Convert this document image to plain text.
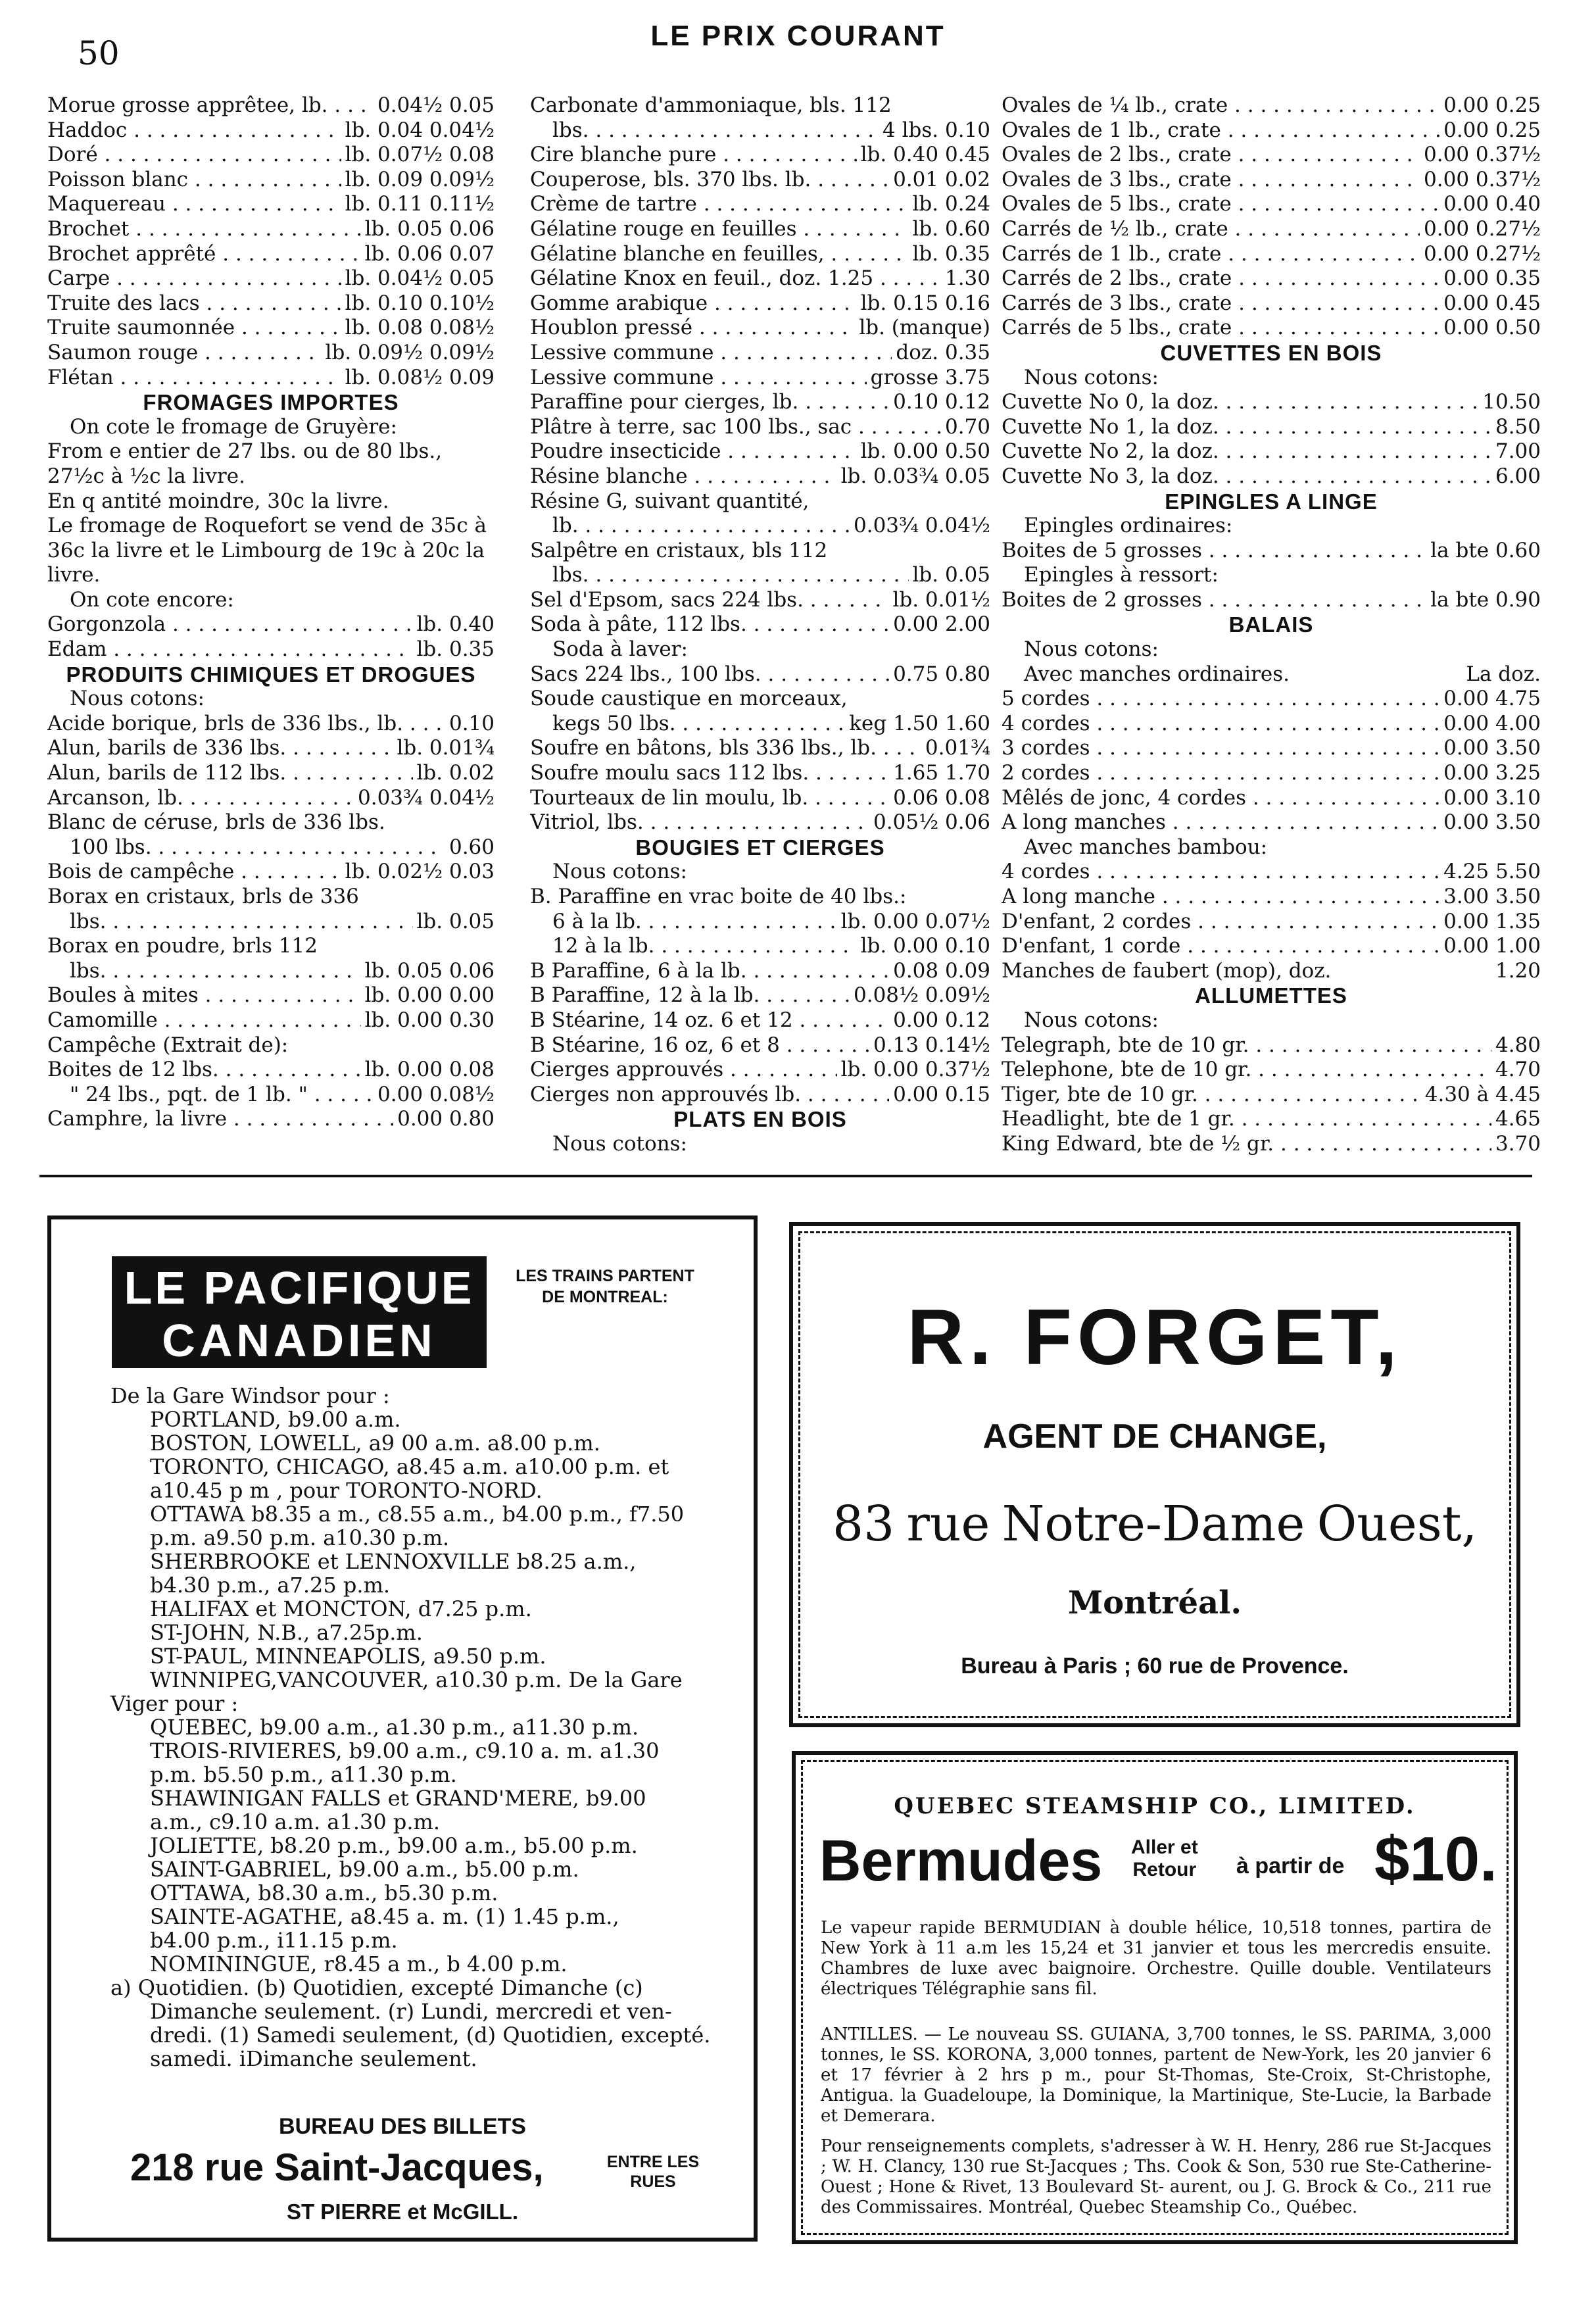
50	LE PRIX COURANT
Morue grosse apprêtee, lb. . . .	0.04½ 0.05
Haddoc . . .	lb. 0.04 0.04½
Doré . . .	lb. 0.07½ 0.08
Poisson blanc . . .	lb. 0.09 0.09½
Maquereau . . .	lb. 0.11 0.11½
Brochet . . .	lb. 0.05 0.06
Brochet apprêté . . .	lb. 0.06 0.07
Carpe . . .	lb. 0.04½ 0.05
Truite des lacs . . .	lb. 0.10 0.10½
Truite saumonnée . . .	lb. 0.08 0.08½
Saumon rouge . . .	lb. 0.09½ 0.09½
Flétan . . .	lb. 0.08½ 0.09
FROMAGES IMPORTES
On cote le fromage de Gruyère:
From e entier de 27 lbs. ou de 80 lbs., 27½c à ½c la livre.
En q antité moindre, 30c la livre.
Le fromage de Roquefort se vend de 35c à 36c la livre et le Limbourg de 19c à 20c la livre.
On cote encore:
Gorgonzola . . .	lb. 0.40
Edam . . .	lb. 0.35
PRODUITS CHIMIQUES ET DROGUES
Nous cotons:
Acide borique, brls de 336 lbs., lb. . . .	0.10
Alun, barils de 336 lbs. . . .	lb. 0.01¾
Alun, barils de 112 lbs. . . .	lb. 0.02
Arcanson, lb. . . .	0.03¾ 0.04½
Blanc de céruse, brls de 336 lbs.
100 lbs. . . .	0.60
Bois de campêche . . .	lb. 0.02½ 0.03
Borax en cristaux, brls de 336
lbs. . . .	lb. 0.05
Borax en poudre, brls 112
lbs. . . .	lb. 0.05 0.06
Boules à mites . . .	lb. 0.00 0.00
Camomille . . .	lb. 0.00 0.30
Campêche (Extrait de):
Boites de 12 lbs. . . .	lb. 0.00 0.08
" 24 lbs., pqt. de 1 lb. " . . .	0.00 0.08½
Camphre, la livre . . .	0.00 0.80
Carbonate d'ammoniaque, bls. 112
lbs. . . .	4 lbs. 0.10
Cire blanche pure . . .	lb. 0.40 0.45
Couperose, bls. 370 lbs. lb. . . .	0.01 0.02
Crème de tartre . . .	lb. 0.24
Gélatine rouge en feuilles . . .	lb. 0.60
Gélatine blanche en feuilles, . . .	lb. 0.35
Gélatine Knox en feuil., doz. 1.25 . . .	1.30
Gomme arabique . . .	lb. 0.15 0.16
Houblon pressé . . .	lb. (manque)
Lessive commune . . .	doz. 0.35
Lessive commune . . .	grosse 3.75
Paraffine pour cierges, lb. . . .	0.10 0.12
Plâtre à terre, sac 100 lbs., sac . . .	0.70
Poudre insecticide . . .	lb. 0.00 0.50
Résine blanche . . .	lb. 0.03¾ 0.05
Résine G, suivant quantité,
lb. . . .	0.03¾ 0.04½
Salpêtre en cristaux, bls 112
lbs. . . .	lb. 0.05
Sel d'Epsom, sacs 224 lbs. . . .	lb. 0.01½
Soda à pâte, 112 lbs. . . .	0.00 2.00
Soda à laver:
Sacs 224 lbs., 100 lbs. . . .	0.75 0.80
Soude caustique en morceaux,
kegs 50 lbs. . . .	keg 1.50 1.60
Soufre en bâtons, bls 336 lbs., lb. . . .	0.01¾
Soufre moulu sacs 112 lbs. . . .	1.65 1.70
Tourteaux de lin moulu, lb. . . .	0.06 0.08
Vitriol, lbs. . . .	0.05½ 0.06
BOUGIES ET CIERGES
Nous cotons:
B. Paraffine en vrac boite de 40 lbs.:
6 à la lb. . . .	lb. 0.00 0.07½
12 à la lb. . . .	lb. 0.00 0.10
B Paraffine, 6 à la lb. . . .	0.08 0.09
B Paraffine, 12 à la lb. . . .	0.08½ 0.09½
B Stéarine, 14 oz. 6 et 12 . . .	0.00 0.12
B Stéarine, 16 oz, 6 et 8 . . .	0.13 0.14½
Cierges approuvés . . .	lb. 0.00 0.37½
Cierges non approuvés lb. . . .	0.00 0.15
PLATS EN BOIS
Nous cotons:
Ovales de ¼ lb., crate . . .	0.00 0.25
Ovales de 1 lb., crate . . .	0.00 0.25
Ovales de 2 lbs., crate . . .	0.00 0.37½
Ovales de 3 lbs., crate . . .	0.00 0.37½
Ovales de 5 lbs., crate . . .	0.00 0.40
Carrés de ½ lb., crate . . .	0.00 0.27½
Carrés de 1 lb., crate . . .	0.00 0.27½
Carrés de 2 lbs., crate . . .	0.00 0.35
Carrés de 3 lbs., crate . . .	0.00 0.45
Carrés de 5 lbs., crate . . .	0.00 0.50
CUVETTES EN BOIS
Nous cotons:
Cuvette No 0, la doz. . . .	10.50
Cuvette No 1, la doz. . . .	8.50
Cuvette No 2, la doz. . . .	7.00
Cuvette No 3, la doz. . . .	6.00
EPINGLES A LINGE
Epingles ordinaires:
Boites de 5 grosses . . .	la bte 0.60
Epingles à ressort:
Boites de 2 grosses . . .	la bte 0.90
BALAIS
Nous cotons:
Avec manches ordinaires.	La doz.
5 cordes . . .	0.00 4.75
4 cordes . . .	0.00 4.00
3 cordes . . .	0.00 3.50
2 cordes . . .	0.00 3.25
Mêlés de jonc, 4 cordes . . .	0.00 3.10
A long manches . . .	0.00 3.50
Avec manches bambou:
4 cordes . . .	4.25 5.50
A long manche . . .	3.00 3.50
D'enfant, 2 cordes . . .	0.00 1.35
D'enfant, 1 corde . . .	0.00 1.00
Manches de faubert (mop), doz.	1.20
ALLUMETTES
Nous cotons:
Telegraph, bte de 10 gr. . . .	4.80
Telephone, bte de 10 gr. . . .	4.70
Tiger, bte de 10 gr. . . .	4.30 à 4.45
Headlight, bte de 1 gr. . . .	4.65
King Edward, bte de ½ gr. . . .	3.70
LE PACIFIQUE
CANADIEN
LES TRAINS PARTENT DE MONTREAL:
De la Gare Windsor pour :
PORTLAND, b9.00 a.m.
BOSTON, LOWELL, a9 00 a.m. a8.00 p.m.
TORONTO, CHICAGO, a8.45 a.m. a10.00 p.m. et
a10.45 p m , pour TORONTO-NORD.
OTTAWA b8.35 a m., c8.55 a.m., b4.00 p.m., f7.50
p.m. a9.50 p.m. a10.30 p.m.
SHERBROOKE et LENNOXVILLE b8.25 a.m.,
b4.30 p.m., a7.25 p.m.
HALIFAX et MONCTON, d7.25 p.m.
ST-JOHN, N.B., a7.25p.m.
ST-PAUL, MINNEAPOLIS, a9.50 p.m.
WINNIPEG,VANCOUVER, a10.30 p.m. De la Gare
Viger pour :
QUEBEC, b9.00 a.m., a1.30 p.m., a11.30 p.m.
TROIS-RIVIERES, b9.00 a.m., c9.10 a. m. a1.30
p.m. b5.50 p.m., a11.30 p.m.
SHAWINIGAN FALLS et GRAND'MERE, b9.00
a.m., c9.10 a.m. a1.30 p.m.
JOLIETTE, b8.20 p.m., b9.00 a.m., b5.00 p.m.
SAINT-GABRIEL, b9.00 a.m., b5.00 p.m.
OTTAWA, b8.30 a.m., b5.30 p.m.
SAINTE-AGATHE, a8.45 a. m. (1) 1.45 p.m.,
b4.00 p.m., i11.15 p.m.
NOMININGUE, r8.45 a m., b 4.00 p.m.
a) Quotidien. (b) Quotidien, excepté Dimanche (c)
Dimanche seulement. (r) Lundi, mercredi et ven-
dredi. (1) Samedi seulement, (d) Quotidien, excepté.
samedi. iDimanche seulement.
BUREAU DES BILLETS
218 rue Saint-Jacques,	ENTRE LES RUES
ST PIERRE et McGILL.
R. FORGET,
AGENT DE CHANGE,
83 rue Notre-Dame Ouest,
Montréal.
Bureau à Paris ; 60 rue de Provence.
QUEBEC STEAMSHIP CO., LIMITED.
Bermudes Aller et
Retour à partir de $10.
Le vapeur rapide BERMUDIAN à double hélice, 10,518 tonnes, partira de New York à 11 a.m les 15,24 et 31 janvier et tous les mercredis ensuite. Chambres de luxe avec baignoire. Orchestre. Quille double. Ventilateurs électriques Télégraphie sans fil.
ANTILLES. — Le nouveau SS. GUIANA, 3,700 tonnes, le SS. PARIMA, 3,000 tonnes, le SS. KORONA, 3,000 tonnes, partent de New-York, les 20 janvier 6 et 17 février à 2 hrs p m., pour St-Thomas, Ste-Croix, St-Christophe, Antigua. la Guadeloupe, la Dominique, la Martinique, Ste-Lucie, la Barbade et Demerara.
Pour renseignements complets, s'adresser à W. H. Henry, 286 rue St-Jacques ; W. H. Clancy, 130 rue St-Jacques ; Ths. Cook & Son, 530 rue Ste-Catherine-Ouest ; Hone & Rivet, 13 Boulevard St- aurent, ou J. G. Brock & Co., 211 rue des Commissaires. Montréal, Quebec Steamship Co., Québec.
